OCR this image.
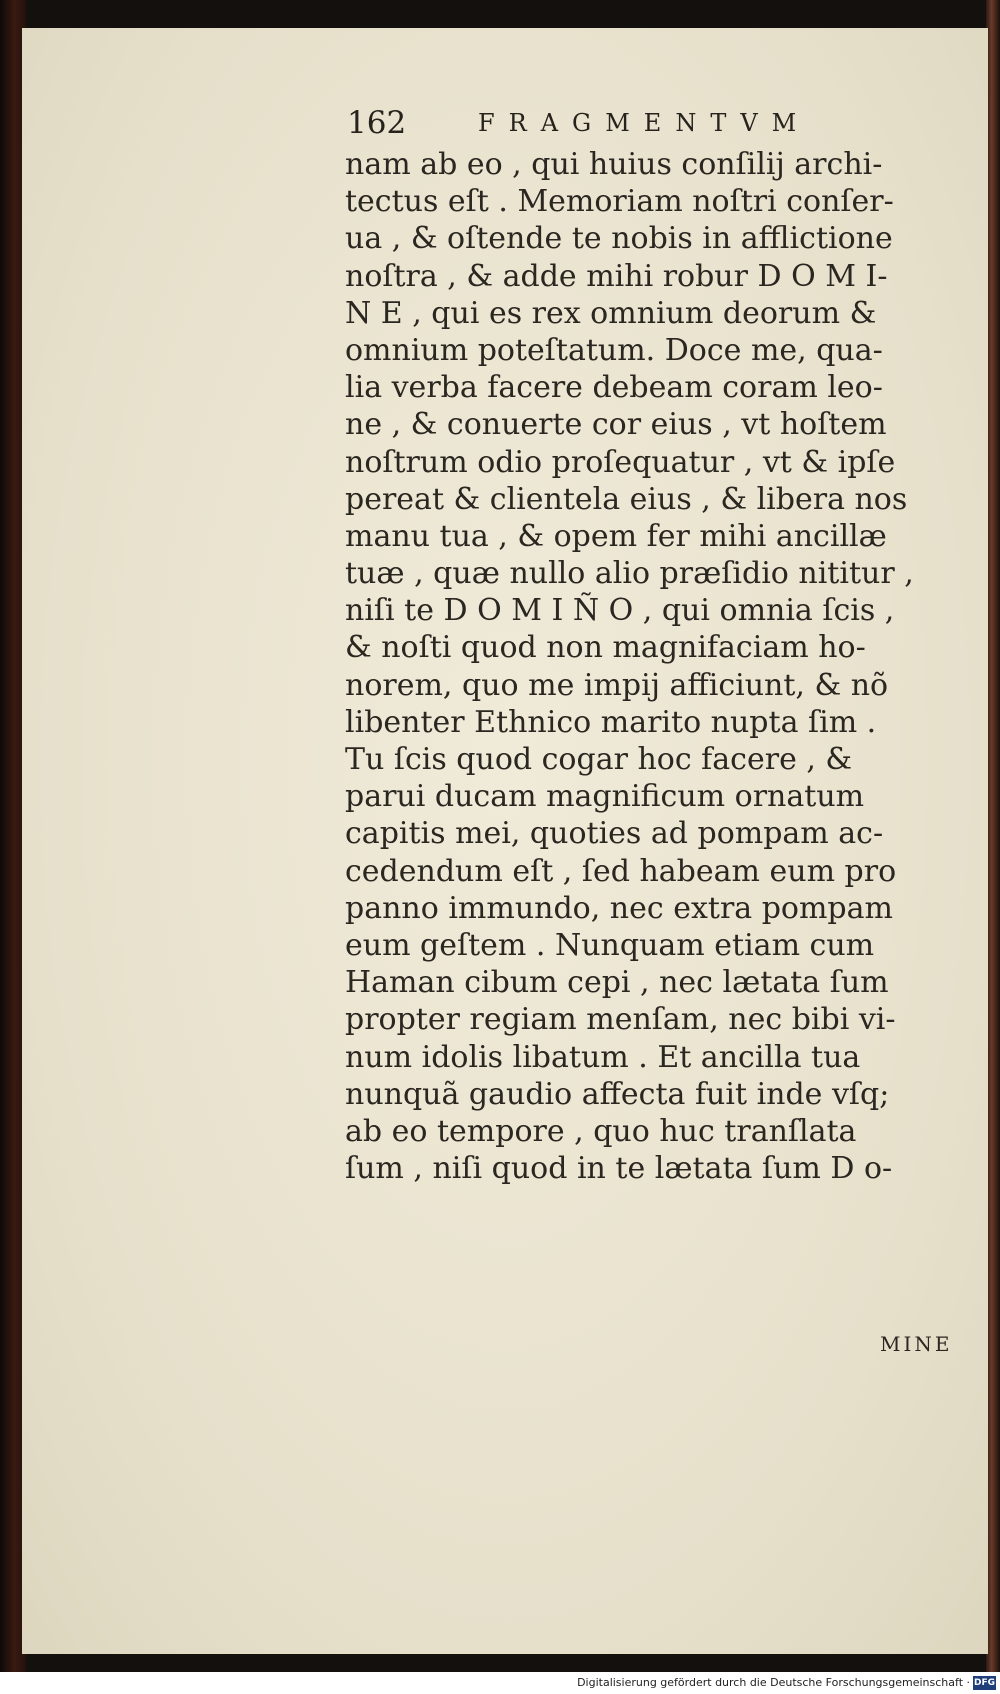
162	FRAGMENTVM
nam ab eo , qui huius conſilij archi-
tectus eſt . Memoriam noſtri conſer-
ua , & oſtende te nobis in afflictione
noſtra , & adde mihi robur D O M I-
N E , qui es rex omnium deorum &
omnium poteſtatum. Doce me, qua-
lia verba facere debeam coram leo-
ne , & conuerte cor eius , vt hoſtem
noſtrum odio proſequatur , vt & ipſe
pereat & clientela eius , & libera nos
manu tua , & opem fer mihi ancillæ
tuæ , quæ nullo alio præſidio nititur ,
niſi te D O M I Ñ O , qui omnia ſcis ,
& noſti quod non magnifaciam ho-
norem, quo me impij afficiunt, & nõ
libenter Ethnico marito nupta ſim .
Tu ſcis quod cogar hoc facere , &
parui ducam magnificum ornatum
capitis mei, quoties ad pompam ac-
cedendum eſt , ſed habeam eum pro
panno immundo, nec extra pompam
eum geſtem . Nunquam etiam cum
Haman cibum cepi , nec lætata ſum
propter regiam menſam, nec bibi vi-
num idolis libatum . Et ancilla tua
nunquã gaudio affecta fuit inde vſq;
ab eo tempore , quo huc tranſlata
ſum , niſi quod in te lætata ſum D o-
MINE
Digitalisierung gefördert durch die Deutsche Forschungsgemeinschaft · DFG
